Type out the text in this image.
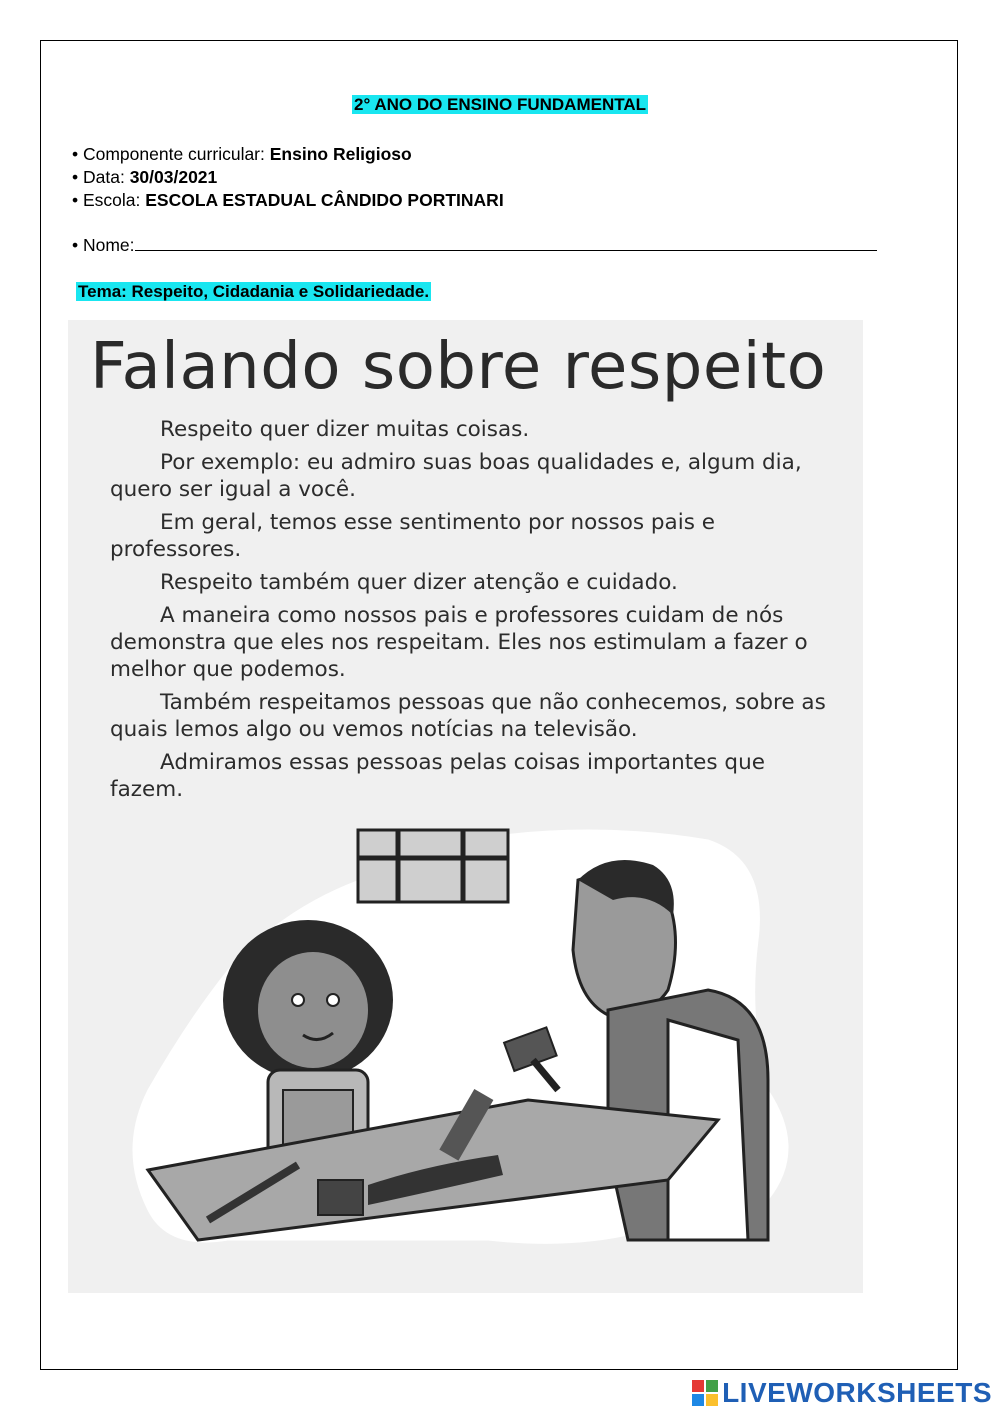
2° ANO DO ENSINO FUNDAMENTAL
• Componente curricular: Ensino Religioso
• Data: 30/03/2021
• Escola: ESCOLA ESTADUAL CÂNDIDO PORTINARI
• Nome:
Tema: Respeito, Cidadania e Solidariedade.
Falando sobre respeito

Respeito quer dizer muitas coisas.

Por exemplo: eu admiro suas boas qualidades e, algum dia, quero ser igual a você.

Em geral, temos esse sentimento por nossos pais e professores.

Respeito também quer dizer atenção e cuidado.

A maneira como nossos pais e professores cuidam de nós demonstra que eles nos respeitam. Eles nos estimulam a fazer o melhor que podemos.

Também respeitamos pessoas que não conhecemos, sobre as quais lemos algo ou vemos notícias na televisão.

Admiramos essas pessoas pelas coisas importantes que fazem.

LIVEWORKSHEETS
